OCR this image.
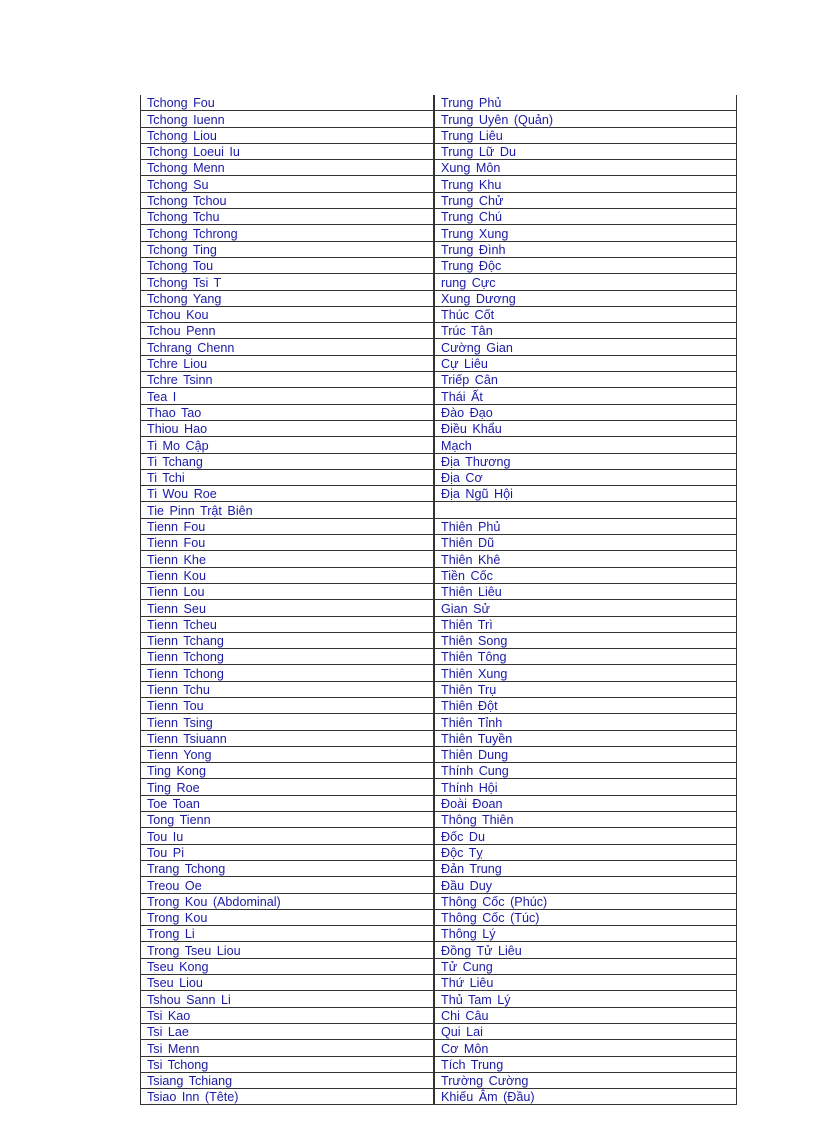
Tchong Fou	Trung Phủ
Tchong Iuenn	Trung Uyên (Quản)
Tchong Liou	Trung Liêu
Tchong Loeui Iu	Trung Lữ Du
Tchong Menn	Xung Môn
Tchong Su	Trung Khu
Tchong Tchou	Trung Chử
Tchong Tchu	Trung Chú
Tchong Tchrong	Trung Xung
Tchong Ting	Trung Đình
Tchong Tou	Trung Độc
Tchong Tsi T	rung Cực
Tchong Yang	Xung Dương
Tchou Kou	Thúc Cốt
Tchou Penn	Trúc Tân
Tchrang Chenn	Cường Gian
Tchre Liou	Cự Liêu
Tchre Tsinn	Triếp Cân
Tea I	Thái Ất
Thao Tao	Đào Đạo
Thiou Hao	Điều Khẩu
Ti Mo Cập	Mạch
Ti Tchang	Địa Thương
Ti Tchi	Địa Cơ
Ti Wou Roe	Địa Ngũ Hội
Tie Pinn Trật Biên	
Tienn Fou	Thiên Phủ
Tienn Fou	Thiên Dũ
Tienn Khe	Thiên Khê
Tienn Kou	Tiền Cốc
Tienn Lou	Thiên Liêu
Tienn Seu	Gian Sử
Tienn Tcheu	Thiên Trì
Tienn Tchang	Thiên Song
Tienn Tchong	Thiên Tông
Tienn Tchong	Thiên Xung
Tienn Tchu	Thiên Trụ
Tienn Tou	Thiên Đột
Tienn Tsing	Thiên Tỉnh
Tienn Tsiuann	Thiên Tuyền
Tienn Yong	Thiên Dung
Ting Kong	Thính Cung
Ting Roe	Thính Hội
Toe Toan	Đoài Đoan
Tong Tienn	Thông Thiên
Tou Iu	Đốc Du
Tou Pi	Độc Tỵ
Trang Tchong	Đản Trung
Treou Oe	Đầu Duy
Trong Kou (Abdominal)	Thông Cốc (Phúc)
Trong Kou	Thông Cốc (Túc)
Trong Li	Thông Lý
Trong Tseu Liou	Đồng Tử Liêu
Tseu Kong	Tử Cung
Tseu Liou	Thứ Liêu
Tshou Sann Li	Thủ Tam Lý
Tsi Kao	Chi Câu
Tsi Lae	Qui Lai
Tsi Menn	Cơ Môn
Tsi Tchong	Tích Trung
Tsiang Tchiang	Trường Cường
Tsiao Inn (Tête)	Khiếu Âm (Đầu)
